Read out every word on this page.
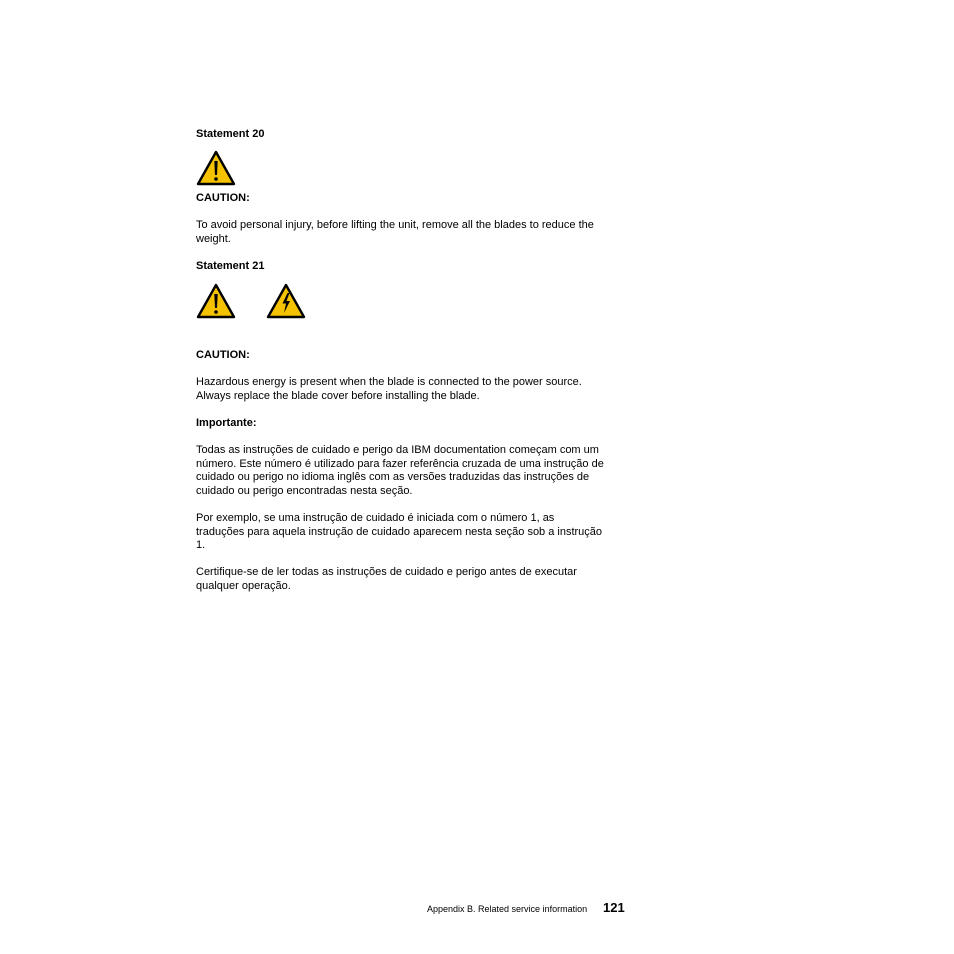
Statement 20
CAUTION:
To avoid personal injury, before lifting the unit, remove all the blades to reduce the
weight.
Statement 21
CAUTION:
Hazardous energy is present when the blade is connected to the power source.
Always replace the blade cover before installing the blade.
Importante:
Todas as instruções de cuidado e perigo da IBM documentation começam com um
número. Este número é utilizado para fazer referência cruzada de uma instrução de
cuidado ou perigo no idioma inglês com as versões traduzidas das instruções de
cuidado ou perigo encontradas nesta seção.
Por exemplo, se uma instrução de cuidado é iniciada com o número 1, as
traduções para aquela instrução de cuidado aparecem nesta seção sob a instrução
1.
Certifique-se de ler todas as instruções de cuidado e perigo antes de executar
qualquer operação.
Appendix B. Related service information 121
